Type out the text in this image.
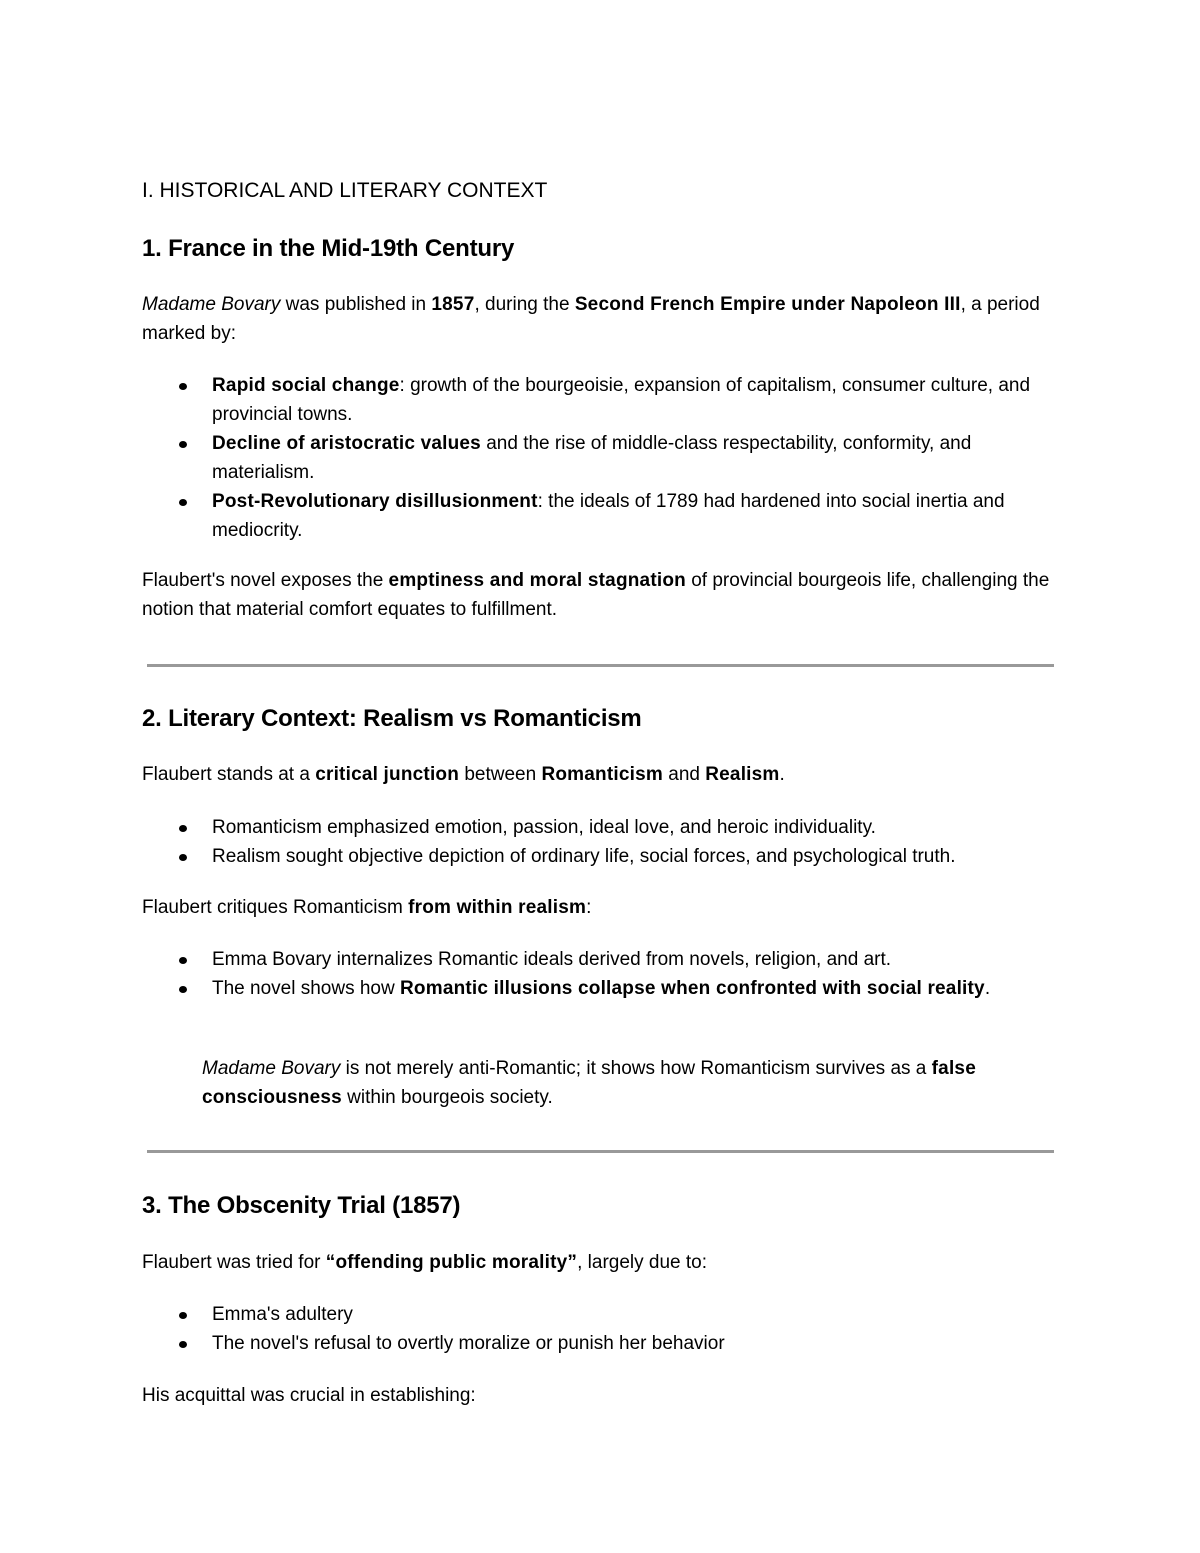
I. HISTORICAL AND LITERARY CONTEXT
1. France in the Mid-19th Century

Madame Bovary was published in 1857, during the Second French Empire under Napoleon III, a period marked by:

Rapid social change: growth of the bourgeoisie, expansion of capitalism, consumer culture, and provincial towns.
Decline of aristocratic values and the rise of middle-class respectability, conformity, and materialism.
Post-Revolutionary disillusionment: the ideals of 1789 had hardened into social inertia and mediocrity.

Flaubert's novel exposes the emptiness and moral stagnation of provincial bourgeois life, challenging the notion that material comfort equates to fulfillment.

2. Literary Context: Realism vs Romanticism

Flaubert stands at a critical junction between Romanticism and Realism.

Romanticism emphasized emotion, passion, ideal love, and heroic individuality.
Realism sought objective depiction of ordinary life, social forces, and psychological truth.

Flaubert critiques Romanticism from within realism:

Emma Bovary internalizes Romantic ideals derived from novels, religion, and art.
The novel shows how Romantic illusions collapse when confronted with social reality.

Madame Bovary is not merely anti-Romantic; it shows how Romanticism survives as a false consciousness within bourgeois society.

3. The Obscenity Trial (1857)

Flaubert was tried for “offending public morality”, largely due to:

Emma's adultery
The novel's refusal to overtly moralize or punish her behavior

His acquittal was crucial in establishing:
